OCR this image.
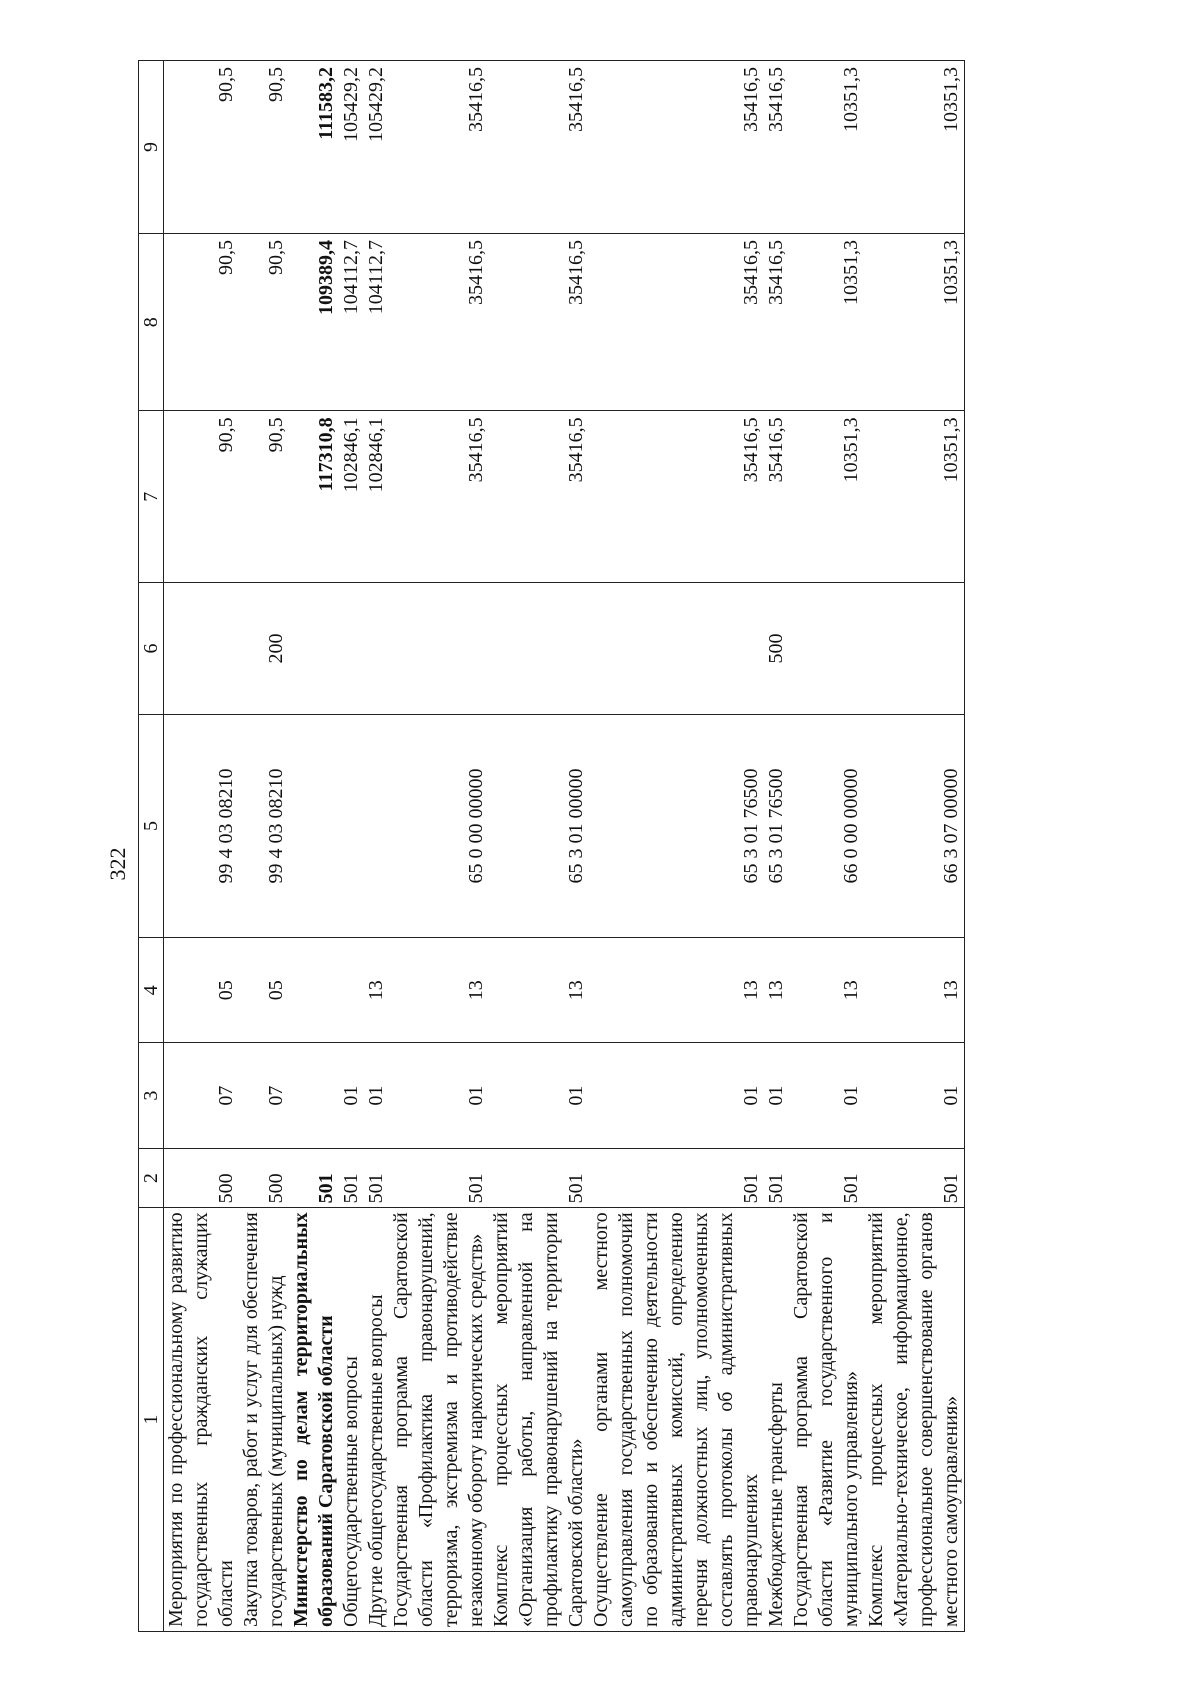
322
1	2	3	4	5	6	7	8	9
Мероприятия по профессиональному развитию государственных гражданских служащих области	500	07	05	99 4 03 08210		90,5	90,5	90,5
Закупка товаров, работ и услуг для обеспечения государственных (муниципальных) нужд	500	07	05	99 4 03 08210	200	90,5	90,5	90,5
Министерство по делам территориальных образований Саратовской области	501					117310,8	109389,4	111583,2
Общегосударственные вопросы	501	01				102846,1	104112,7	105429,2
Другие общегосударственные вопросы	501	01	13			102846,1	104112,7	105429,2
Государственная программа Саратовской области «Профилактика правонарушений, терроризма, экстремизма и противодействие незаконному обороту наркотических средств»	501	01	13	65 0 00 00000		35416,5	35416,5	35416,5
Комплекс процессных мероприятий «Организация работы, направленной на профилактику правонарушений на территории Саратовской области»	501	01	13	65 3 01 00000		35416,5	35416,5	35416,5
Осуществление органами местного самоуправления государственных полномочий по образованию и обеспечению деятельности административных комиссий, определению перечня должностных лиц, уполномоченных составлять протоколы об административных правонарушениях	501	01	13	65 3 01 76500		35416,5	35416,5	35416,5
Межбюджетные трансферты	501	01	13	65 3 01 76500	500	35416,5	35416,5	35416,5
Государственная программа Саратовской области «Развитие государственного и муниципального управления»	501	01	13	66 0 00 00000		10351,3	10351,3	10351,3
Комплекс процессных мероприятий «Материально-техническое, информационное, профессиональное совершенствование органов местного самоуправления»	501	01	13	66 3 07 00000		10351,3	10351,3	10351,3
